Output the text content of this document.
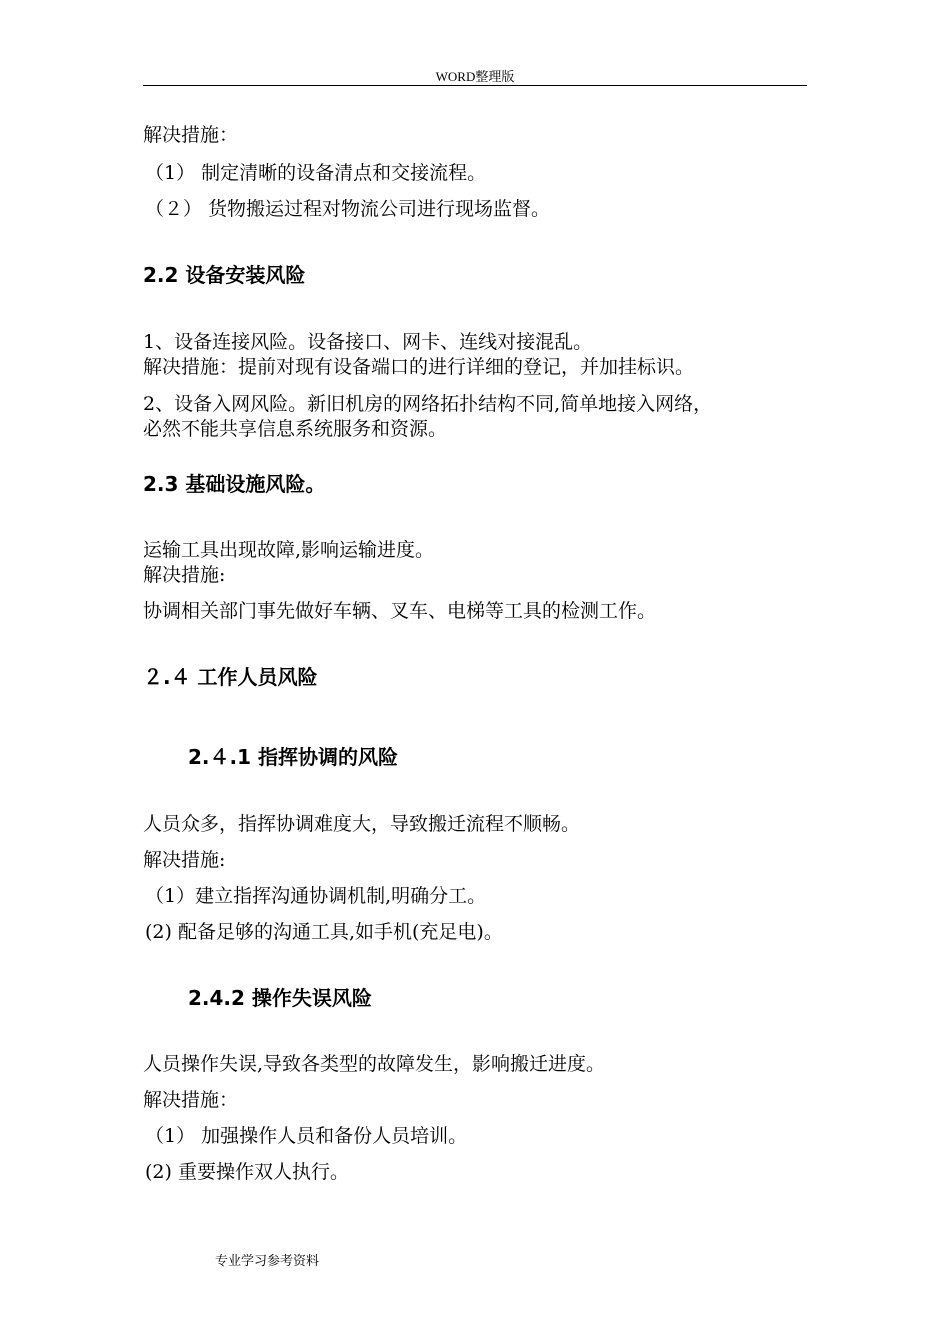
WORD整理版
解决措施：
（1） 制定清晰的设备清点和交接流程。
（２） 货物搬运过程对物流公司进行现场监督。
2.2 设备安装风险
1、设备连接风险。设备接口、网卡、连线对接混乱。
解决措施：提前对现有设备端口的进行详细的登记，并加挂标识。
2、设备入网风险。新旧机房的网络拓扑结构不同,简单地接入网络，
必然不能共享信息系统服务和资源。
2.3 基础设施风险。
运输工具出现故障,影响运输进度。
解决措施:
协调相关部门事先做好车辆、叉车、电梯等工具的检测工作。
２.４ 工作人员风险
2.４.1 指挥协调的风险
人员众多，指挥协调难度大，导致搬迁流程不顺畅。
解决措施:
（1）建立指挥沟通协调机制,明确分工。
(2) 配备足够的沟通工具,如手机(充足电)。
2.4.2 操作失误风险
人员操作失误,导致各类型的故障发生，影响搬迁进度。
解决措施：
（1） 加强操作人员和备份人员培训。
(2) 重要操作双人执行。
专业学习参考资料
